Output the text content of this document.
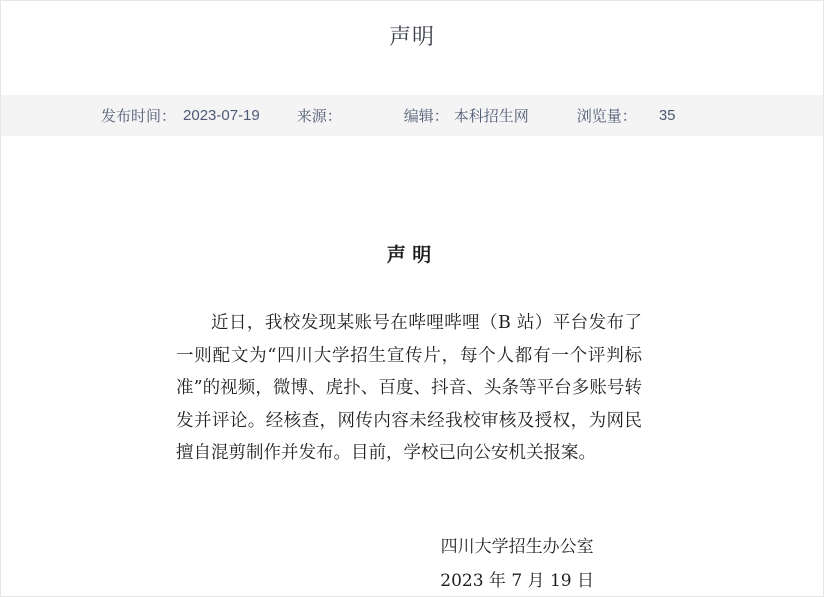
声明
发布时间： 2023-07-19 来源：	编辑： 本科招生网	浏览量： 35
声 明

近日，我校发现某账号在哔哩哔哩（B 站）平台发布了一则配文为“四川大学招生宣传片，每个人都有一个评判标准”的视频，微博、虎扑、百度、抖音、头条等平台多账号转发并评论。经核查，网传内容未经我校审核及授权，为网民擅自混剪制作并发布。目前，学校已向公安机关报案。

四川大学招生办公室
2023 年 7 月 19 日
